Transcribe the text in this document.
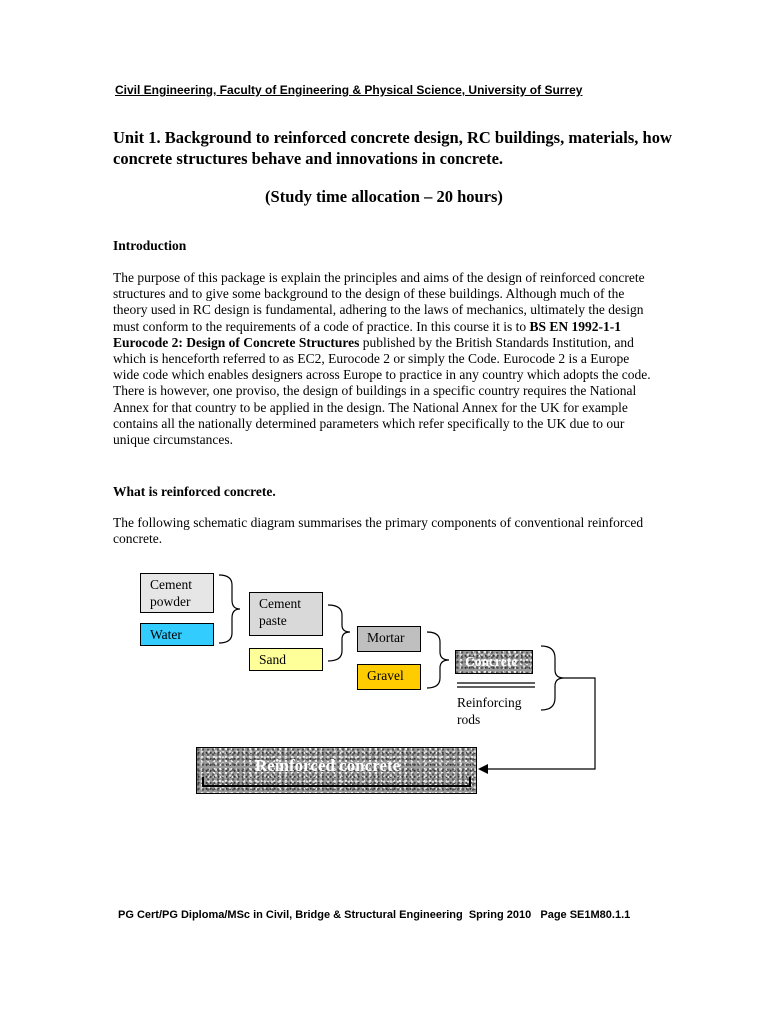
Civil Engineering, Faculty of Engineering & Physical Science, University of Surrey
Unit 1. Background to reinforced concrete design, RC buildings, materials, how concrete structures behave and innovations in concrete.
(Study time allocation – 20 hours)
Introduction
The purpose of this package is explain the principles and aims of the design of reinforced concrete structures and to give some background to the design of these buildings. Although much of the theory used in RC design is fundamental, adhering to the laws of mechanics, ultimately the design must conform to the requirements of a code of practice. In this course it is to BS EN 1992-1-1 Eurocode 2: Design of Concrete Structures published by the British Standards Institution, and which is henceforth referred to as EC2, Eurocode 2 or simply the Code. Eurocode 2 is a Europe wide code which enables designers across Europe to practice in any country which adopts the code. There is however, one proviso, the design of buildings in a specific country requires the National Annex for that country to be applied in the design. The National Annex for the UK for example contains all the nationally determined parameters which refer specifically to the UK due to our unique circumstances.
What is reinforced concrete.
The following schematic diagram summarises the primary components of conventional reinforced concrete.
Cement powder
Water
Cement paste
Sand
Mortar
Gravel
Concrete
Reinforcing rods
Reinforced concrete
PG Cert/PG Diploma/MSc in Civil, Bridge & Structural Engineering  Spring 2010   Page SE1M80.1.1
